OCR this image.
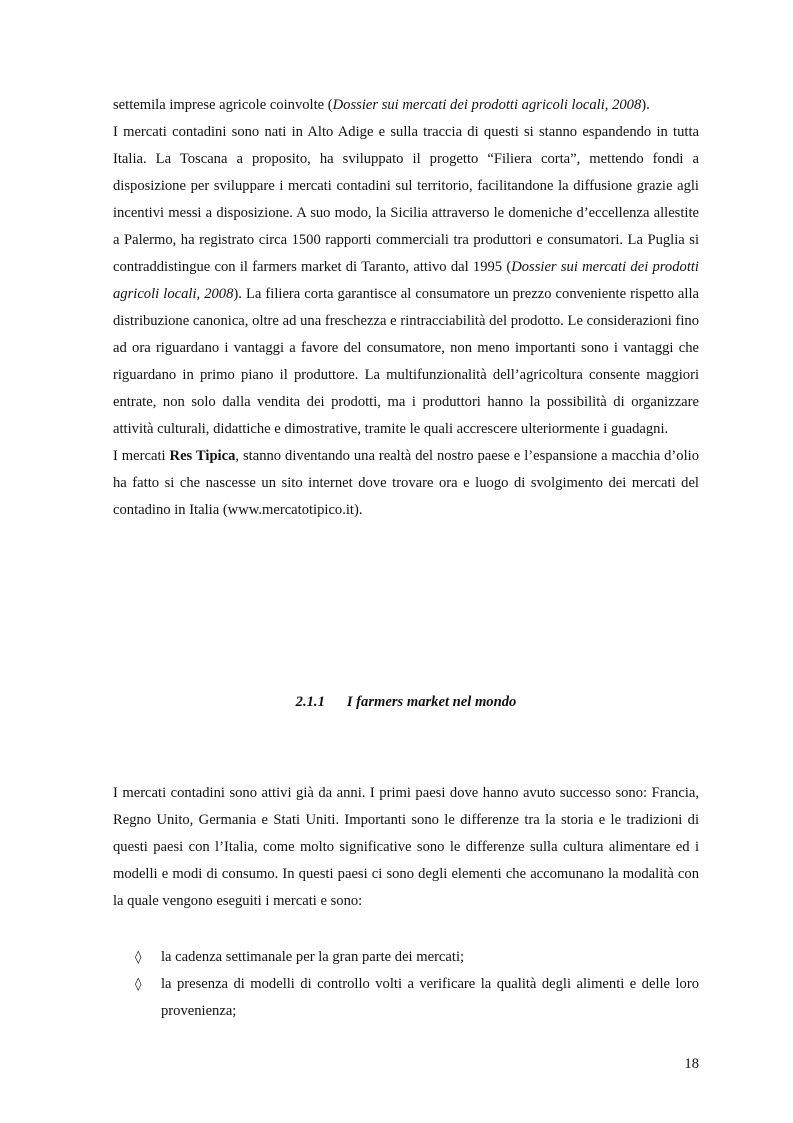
settemila imprese agricole coinvolte (Dossier sui mercati dei prodotti agricoli locali, 2008).

I mercati contadini sono nati in Alto Adige e sulla traccia di questi si stanno espandendo in tutta Italia. La Toscana a proposito, ha sviluppato il progetto “Filiera corta”, mettendo fondi a disposizione per sviluppare i mercati contadini sul territorio, facilitandone la diffusione grazie agli incentivi messi a disposizione. A suo modo, la Sicilia attraverso le domeniche d’eccellenza allestite a Palermo, ha registrato circa 1500 rapporti commerciali tra produttori e consumatori. La Puglia si contraddistingue con il farmers market di Taranto, attivo dal 1995 (Dossier sui mercati dei prodotti agricoli locali, 2008). La filiera corta garantisce al consumatore un prezzo conveniente rispetto alla distribuzione canonica, oltre ad una freschezza e rintracciabilità del prodotto. Le considerazioni fino ad ora riguardano i vantaggi a favore del consumatore, non meno importanti sono i vantaggi che riguardano in primo piano il produttore. La multifunzionalità dell’agricoltura consente maggiori entrate, non solo dalla vendita dei prodotti, ma i produttori hanno la possibilità di organizzare attività culturali, didattiche e dimostrative, tramite le quali accrescere ulteriormente i guadagni.

I mercati Res Tipica, stanno diventando una realtà del nostro paese e l’espansione a macchia d’olio ha fatto si che nascesse un sito internet dove trovare ora e luogo di svolgimento dei mercati del contadino in Italia (www.mercatotipico.it).

2.1.1 I farmers market nel mondo

I mercati contadini sono attivi già da anni. I primi paesi dove hanno avuto successo sono: Francia, Regno Unito, Germania e Stati Uniti. Importanti sono le differenze tra la storia e le tradizioni di questi paesi con l’Italia, come molto significative sono le differenze sulla cultura alimentare ed i modelli e modi di consumo. In questi paesi ci sono degli elementi che accomunano la modalità con la quale vengono eseguiti i mercati e sono:

◊ la cadenza settimanale per la gran parte dei mercati;
◊ la presenza di modelli di controllo volti a verificare la qualità degli alimenti e delle loro provenienza;
18
